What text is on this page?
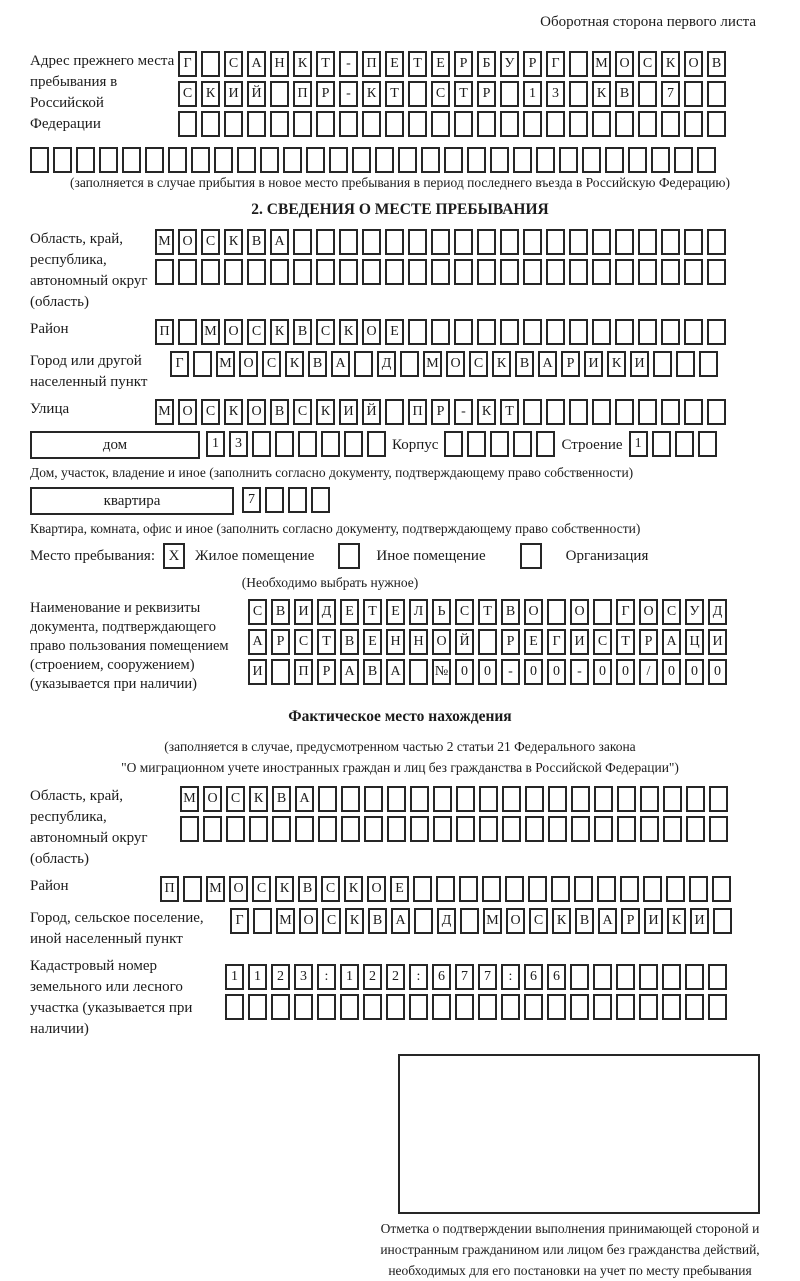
Оборотная сторона первого листа
Адрес прежнего места пребывания в Российской Федерации
Г	С А Н К	Т	-	П Е	Т	Е	Р	Б	У	Р	Г	М О С К О В
С К И Й	П	Р	-	К	Т	С	Т	Р	1	3	К В	7
(заполняется в случае прибытия в новое место пребывания в период последнего въезда в Российскую Федерацию)
2. СВЕДЕНИЯ О МЕСТЕ ПРЕБЫВАНИЯ
Область, край, республика, автономный округ (область)
М О С К В А
Район	П	М О С К В С К О Е
Город или другой населенный пункт
Г	М О С К В А	Д	М О С К В А	Р	И К И
Улица	М О С К О В С К И Й	П	Р	-	К	Т
дом	1	3	Корпус	Строение 1
Дом, участок, владение и иное (заполнить согласно документу, подтверждающему право собственности)
квартира	7
Квартира, комната, офис и иное (заполнить согласно документу, подтверждающему право собственности)
Место пребывания: X	Жилое помещение	Иное помещение	Организация
(Необходимо выбрать нужное)
Наименование и реквизиты документа, подтверждающего право пользования помещением (строением, сооружением) (указывается при наличии)
С В И Д Е	Т	Е Л	Ь	С	Т	В О	О	Г О С У Д
А	Р	С	Т	В	Е Н Н О Й	Р	Е	Г И С	Т	Р	А Ц И
И	П	Р	А В А	№ 0	0	-	0	0	-	0	0	/	0	0	0
Фактическое место нахождения
(заполняется в случае, предусмотренном частью 2 статьи 21 Федерального закона
"О миграционном учете иностранных граждан и лиц без гражданства в Российской Федерации")
Область, край, республика, автономный округ (область)
М О С К В А
Район	П	М О С К В С К О Е
Город, сельское поселение, иной населенный пункт
Г	М О С К В А	Д	М О С К В А	Р	И К И
Кадастровый номер земельного или лесного участка (указывается при наличии)
1	1	2	3	:	1	2	2	:	6	7	7	:	6	6
Отметка о подтверждении выполнения принимающей стороной и иностранным гражданином или лицом без гражданства действий, необходимых для его постановки на учет по месту пребывания
